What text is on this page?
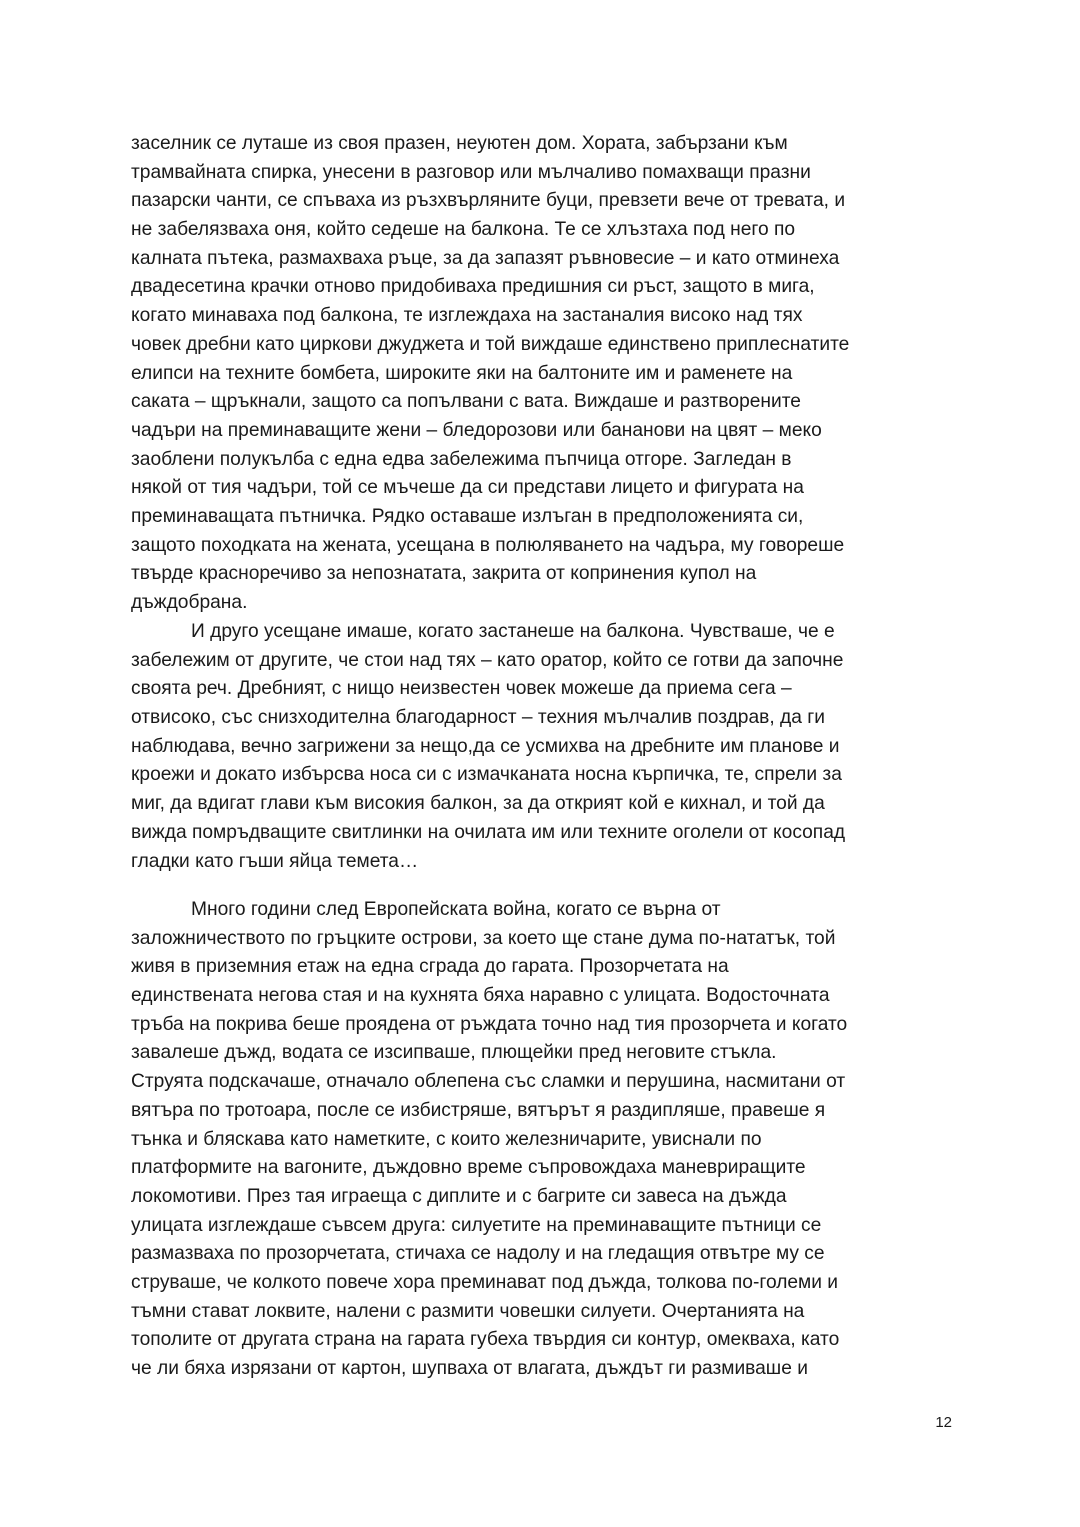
заселник се луташе из своя празен, неуютен дом. Хората, забързани към
трамвайната спирка, унесени в разговор или мълчаливо помахващи празни
пазарски чанти, се спъваха из ръзхвърляните буци, превзети вече от тревата, и
не забелязваха оня, който седеше на балкона. Те се хлъзтаха под него по
калната пътека, размахваха ръце, за да запазят ръвновесие – и като отминеха
двадесетина крачки отново придобиваха предишния си ръст, защото в мига,
когато минаваха под балкона, те изглеждаха на застаналия високо над тях
човек дребни като циркови джуджета и той виждаше единствено приплеснатите
елипси на техните бомбета, широките яки на балтоните им и раменете на
саката – щръкнали, защото са попълвани с вата. Виждаше и разтворените
чадъри на преминаващите жени – бледорозови или бананови на цвят – меко
заоблени полукълба с една едва забележима пъпчица отгоре. Загледан в
някой от тия чадъри, той се мъчеше да си представи лицето и фигурата на
преминаващата пътничка. Рядко оставаше излъган в предположенията си,
защото походката на жената, усещана в полюляването на чадъра, му говореше
твърде красноречиво за непознатата, закрита от копринения купол на
дъждобрана.
И друго усещане имаше, когато застанеше на балкона. Чувстваше, че е
забележим от другите, че стои над тях – като оратор, който се готви да започне
своята реч. Дребният, с нищо неизвестен човек можеше да приема сега –
отвисоко, със снизходителна благодарност – техния мълчалив поздрав, да ги
наблюдава, вечно загрижени за нещо,да се усмихва на дребните им планове и
кроежи и докато избърсва носа си с измачканата носна кърпичка, те, спрели за
миг, да вдигат глави към високия балкон, за да открият кой е кихнал, и той да
вижда помръдващите свитлинки на очилата им или техните оголели от косопад
гладки като гъши яйца темета…
Много години след Европейската война, когато се върна от
заложничеството по гръцките острови, за което ще стане дума по-нататък, той
живя в приземния етаж на една сграда до гарата. Прозорчетата на
единствената негова стая и на кухнята бяха наравно с улицата. Водосточната
тръба на покрива беше проядена от ръждата точно над тия прозорчета и когато
завалеше дъжд, водата се изсипваше, плющейки пред неговите стъкла.
Струята подскачаше, отначало облепена със сламки и перушина, насмитани от
вятъра по тротоара, после се избистряше, вятърът я раздипляше, правеше я
тънка и бляскава като наметките, с които железничарите, увиснали по
платформите на вагоните, дъждовно време съпровождаха маневриращите
локомотиви. През тая играеща с диплите и с багрите си завеса на дъжда
улицата изглеждаше съвсем друга: силуетите на преминаващите пътници се
размазваха по прозорчетата, стичаха се надолу и на гледащия отвътре му се
струваше, че колкото повече хора преминават под дъжда, толкова по-големи и
тъмни стават локвите, налени с размити човешки силуети. Очертанията на
тополите от другата страна на гарата губеха твърдия си контур, омекваха, като
че ли бяха изрязани от картон, шупваха от влагата, дъждът ги размиваше и
12
